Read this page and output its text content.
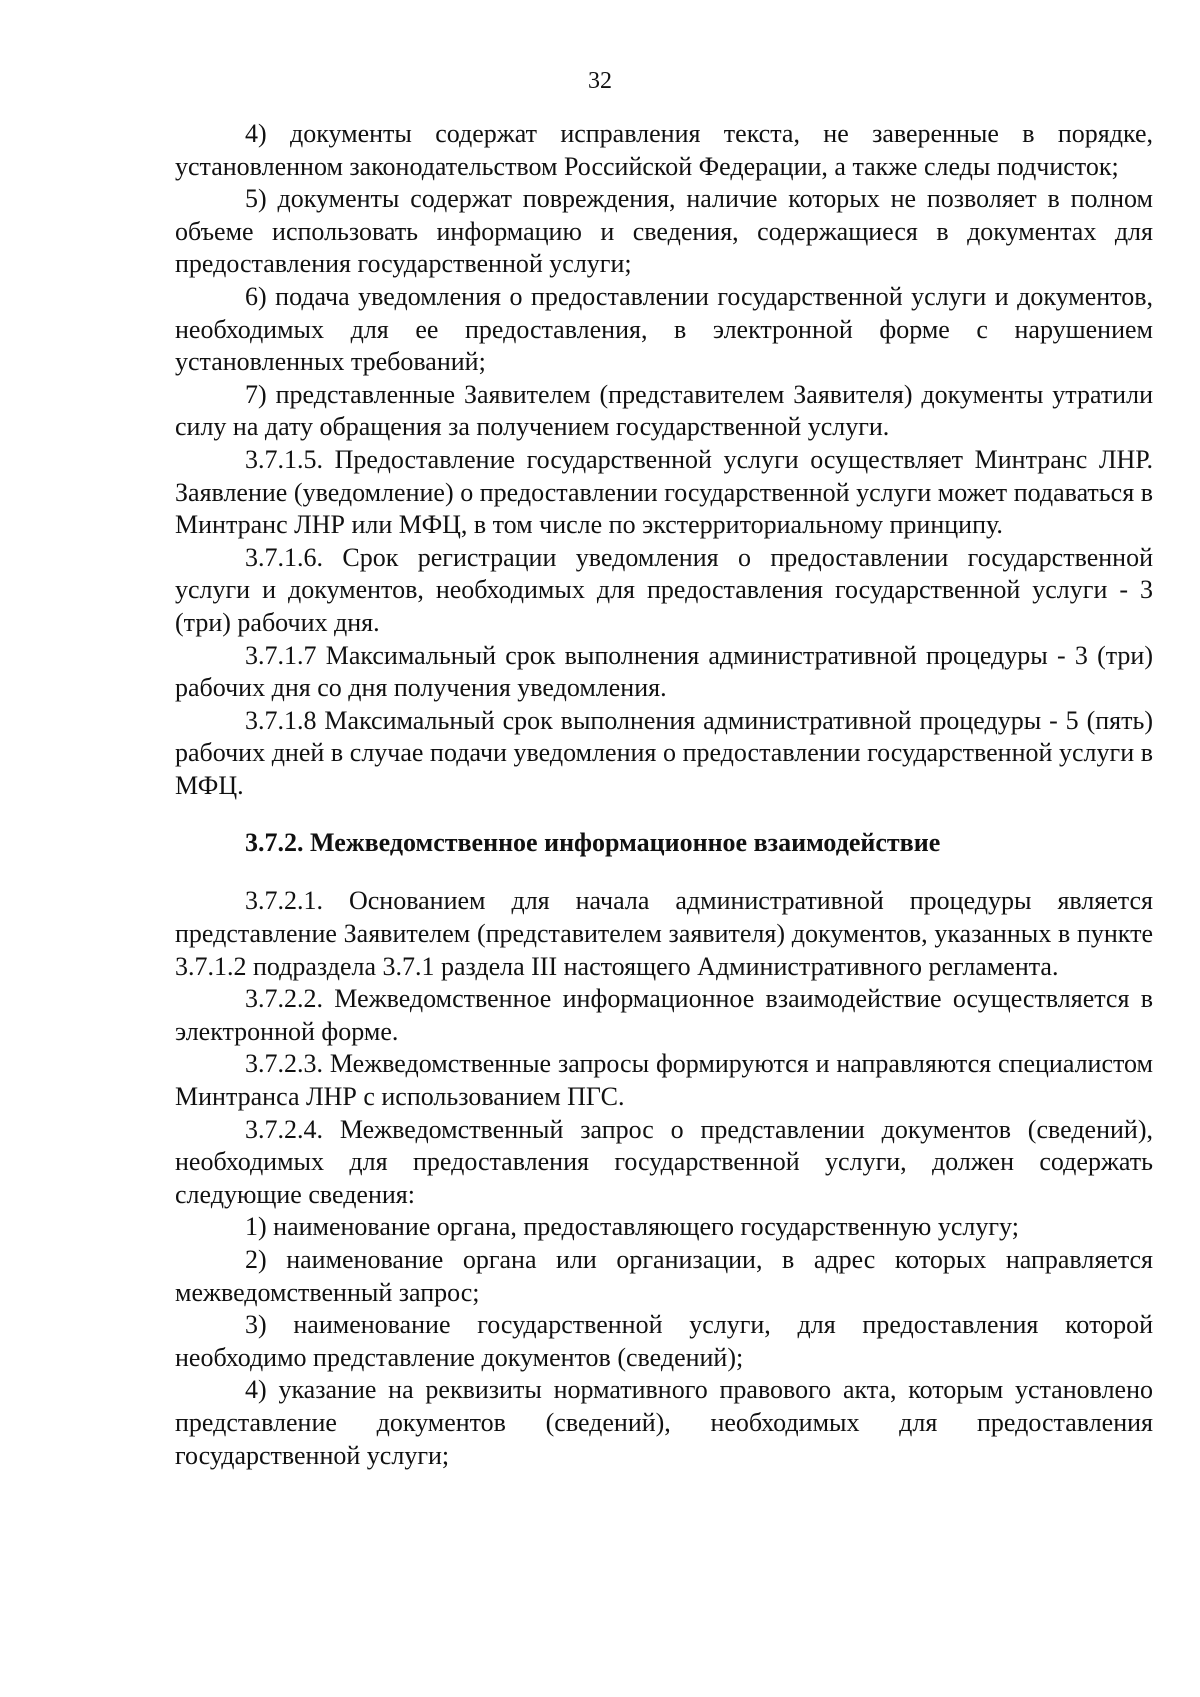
32

4) документы содержат исправления текста, не заверенные в порядке, установленном законодательством Российской Федерации, а также следы подчисток;

5) документы содержат повреждения, наличие которых не позволяет в полном объеме использовать информацию и сведения, содержащиеся в документах для предоставления государственной услуги;

6) подача уведомления о предоставлении государственной услуги и документов, необходимых для ее предоставления, в электронной форме с нарушением установленных требований;

7) представленные Заявителем (представителем Заявителя) документы утратили силу на дату обращения за получением государственной услуги.

3.7.1.5. Предоставление государственной услуги осуществляет Минтранс ЛНР. Заявление (уведомление) о предоставлении государственной услуги может подаваться в Минтранс ЛНР или МФЦ, в том числе по экстерриториальному принципу.

3.7.1.6. Срок регистрации уведомления о предоставлении государственной услуги и документов, необходимых для предоставления государственной услуги - 3 (три) рабочих дня.

3.7.1.7 Максимальный срок выполнения административной процедуры - 3 (три) рабочих дня со дня получения уведомления.

3.7.1.8 Максимальный срок выполнения административной процедуры - 5 (пять) рабочих дней в случае подачи уведомления о предоставлении государственной услуги в МФЦ.

3.7.2. Межведомственное информационное взаимодействие

3.7.2.1. Основанием для начала административной процедуры является представление Заявителем (представителем заявителя) документов, указанных в пункте 3.7.1.2 подраздела 3.7.1 раздела III настоящего Административного регламента.

3.7.2.2. Межведомственное информационное взаимодействие осуществляется в электронной форме.

3.7.2.3. Межведомственные запросы формируются и направляются специалистом Минтранса ЛНР с использованием ПГС.

3.7.2.4. Межведомственный запрос о представлении документов (сведений), необходимых для предоставления государственной услуги, должен содержать следующие сведения:

1) наименование органа, предоставляющего государственную услугу;

2) наименование органа или организации, в адрес которых направляется межведомственный запрос;

3) наименование государственной услуги, для предоставления которой необходимо представление документов (сведений);

4) указание на реквизиты нормативного правового акта, которым установлено представление документов (сведений), необходимых для предоставления государственной услуги;
